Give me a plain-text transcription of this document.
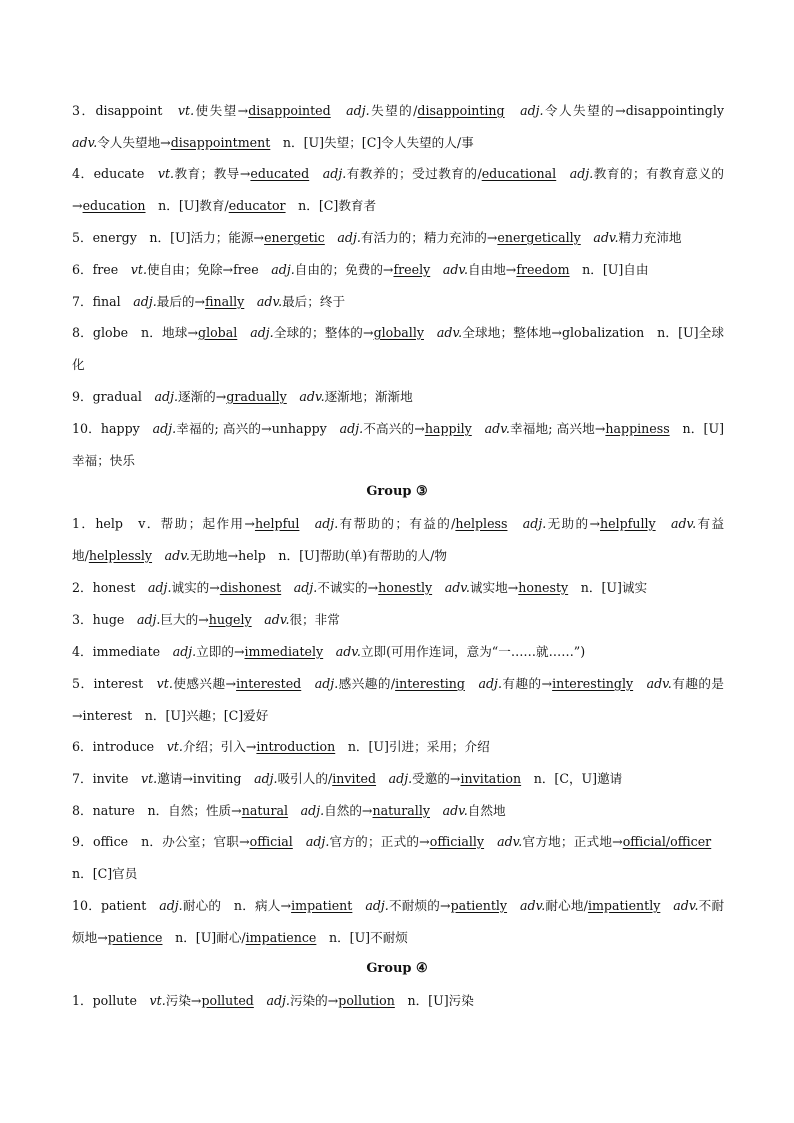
3．disappoint　vt.使失望→disappointed　 adj.失望的/disappointing　 adj.令人失望的→disappointingly　adv.令人失望地→disappointment　n．[U]失望；[C]令人失望的人/事

4．educate　vt.教育；教导→educated　 adj.有教养的；受过教育的/educational　 adj.教育的；有教育意义的→education　n．[U]教育/educator　n．[C]教育者

5．energy　n．[U]活力；能源→energetic　 adj.有活力的；精力充沛的→energetically　 adv.精力充沛地

6．free　vt.使自由；免除→free　adj.自由的；免费的→freely　 adv.自由地→freedom　n．[U]自由

7．final　adj.最后的→finally　 adv.最后；终于

8．globe　n．地球→global　 adj.全球的；整体的→globally　 adv.全球地；整体地→globalization　n．[U]全球化

9．gradual　adj.逐渐的→gradually　 adv.逐渐地；渐渐地

10．happy　adj.幸福的; 高兴的→unhappy　adj.不高兴的→happily　 adv.幸福地; 高兴地→happiness　n．[U]幸福；快乐

Group ③

1．help　v．帮助；起作用→helpful　 adj.有帮助的；有益的/helpless　 adj.无助的→helpfully　 adv.有益地/helplessly　 adv.无助地→help　n．[U]帮助(单)有帮助的人/物

2．honest　adj.诚实的→dishonest　 adj.不诚实的→honestly　 adv.诚实地→honesty　n．[U]诚实

3．huge　adj.巨大的→hugely　 adv.很；非常

4．immediate　adj.立即的→immediately　 adv.立即(可用作连词，意为“一……就……”)

5．interest　vt.使感兴趣→interested　 adj.感兴趣的/interesting　 adj.有趣的→interestingly　 adv.有趣的是→interest　n．[U]兴趣；[C]爱好

6．introduce　vt.介绍；引入→introduction　n．[U]引进；采用；介绍

7．invite　vt.邀请→inviting　adj.吸引人的/invited　 adj.受邀的→invitation　n．[C，U]邀请

8．nature　n．自然；性质→natural　 adj.自然的→naturally　 adv.自然地

9．office　n．办公室；官职→official　 adj.官方的；正式的→officially　 adv.官方地；正式地→official/officer　n．[C]官员

10．patient　adj.耐心的　n．病人→impatient　 adj.不耐烦的→patiently　 adv.耐心地/impatiently　 adv.不耐烦地→patience　n．[U]耐心/impatience　n．[U]不耐烦

Group ④

1．pollute　vt.污染→polluted　 adj.污染的→pollution　n．[U]污染
